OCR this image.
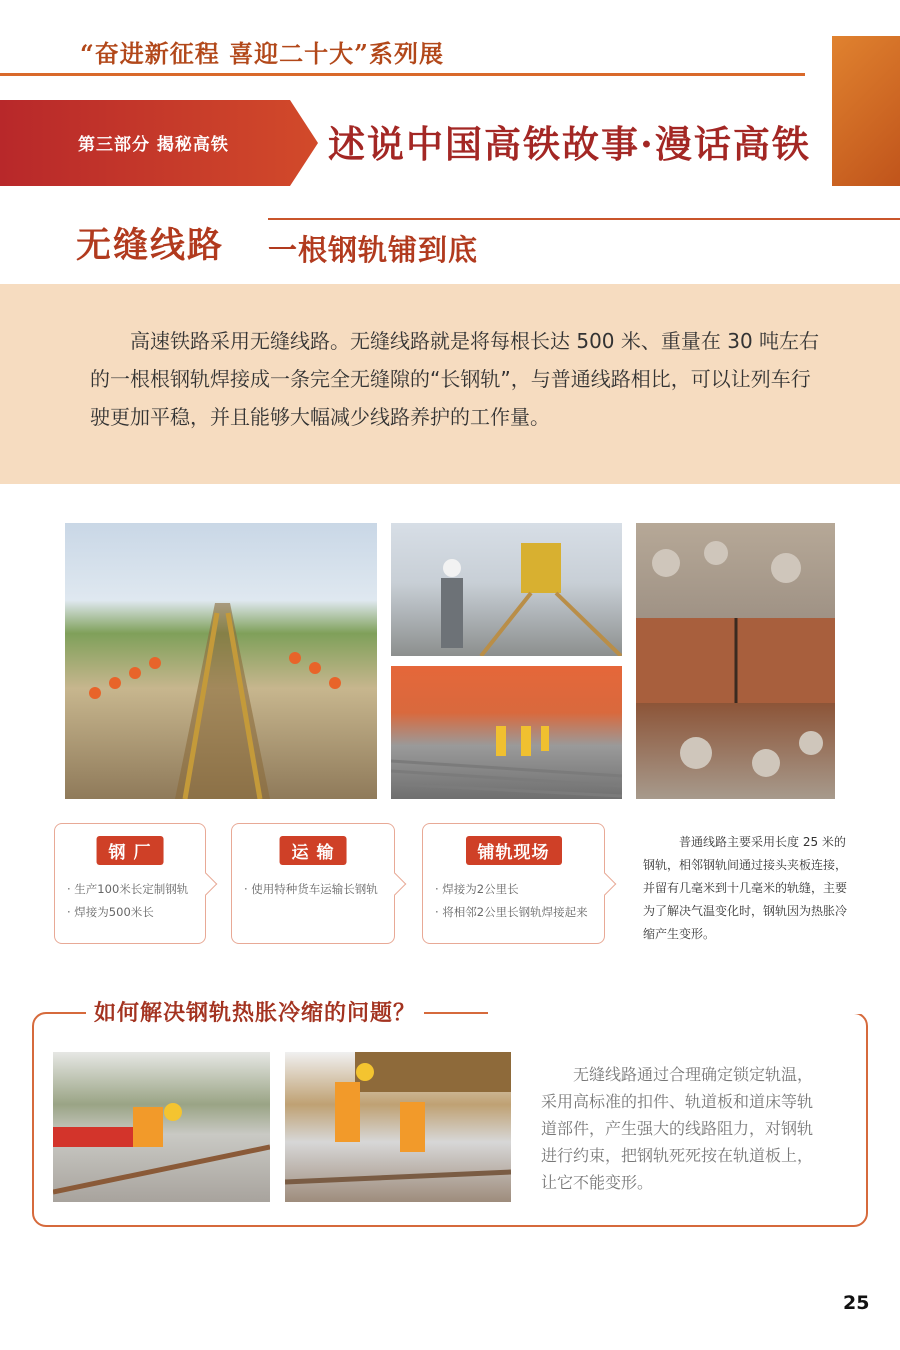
“奋进新征程 喜迎二十大”系列展
第三部分 揭秘高铁	述说中国高铁故事·漫话高铁
无缝线路 一根钢轨铺到底

高速铁路采用无缝线路。无缝线路就是将每根长达 500 米、重量在 30 吨左右的一根根钢轨焊接成一条完全无缝隙的“长钢轨”，与普通线路相比，可以让列车行驶更加平稳，并且能够大幅减少线路养护的工作量。

钢 厂
· 生产100米长定制钢轨
· 焊接为500米长
运 输
· 使用特种货车运输长钢轨
铺轨现场
· 焊接为2公里长
· 将相邻2公里长钢轨焊接起来

普通线路主要采用长度 25 米的钢轨，相邻钢轨间通过接头夹板连接，并留有几毫米到十几毫米的轨缝，主要为了解决气温变化时，钢轨因为热胀冷缩产生变形。

如何解决钢轨热胀冷缩的问题？

无缝线路通过合理确定锁定轨温，采用高标准的扣件、轨道板和道床等轨道部件，产生强大的线路阻力，对钢轨进行约束，把钢轨死死按在轨道板上，让它不能变形。

25
